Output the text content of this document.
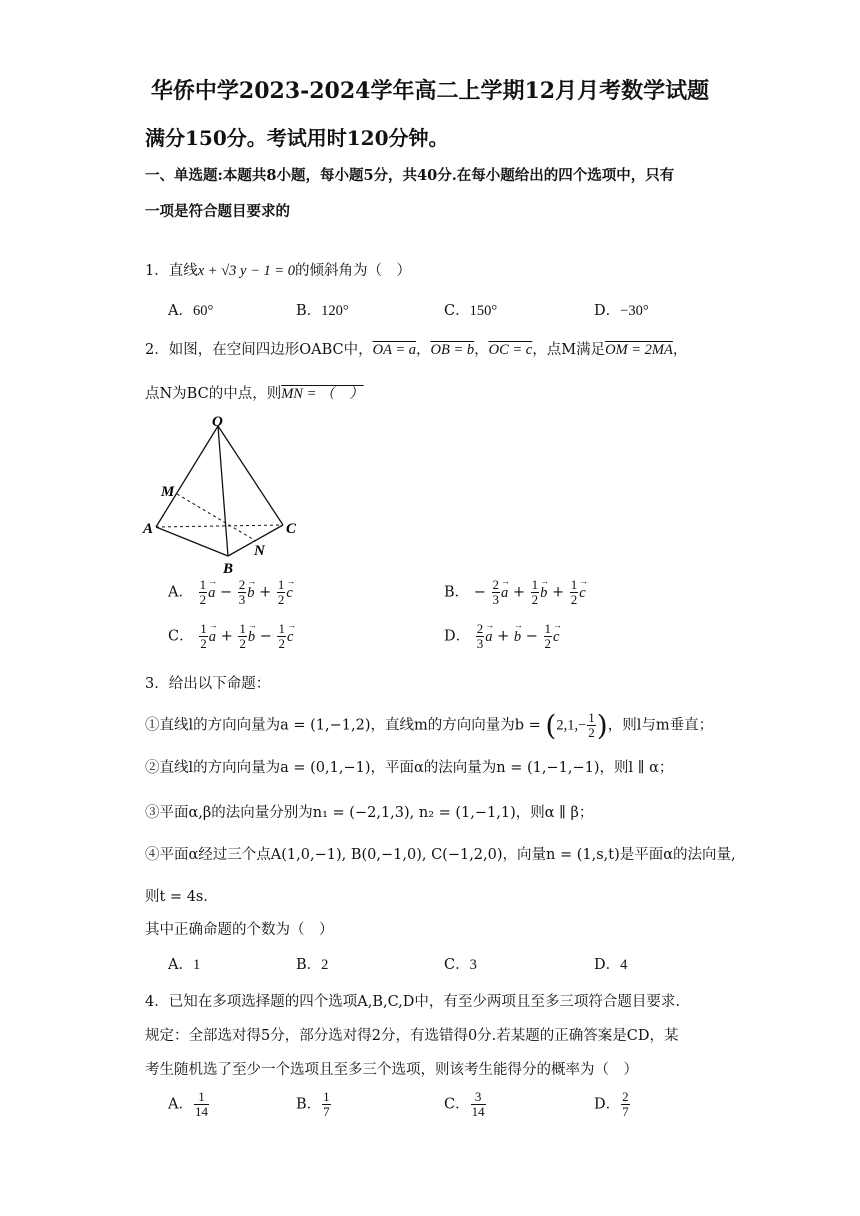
华侨中学2023-2024学年高二上学期12月月考数学试题
满分150分。考试用时120分钟。
一、单选题:本题共8小题，每小题5分，共40分.在每小题给出的四个选项中，只有
一项是符合题目要求的
1．直线x + √3 y − 1 = 0的倾斜角为（　）
A．60°	B．120°	C．150°	D．−30°
2．如图，在空间四边形OABC中，OA = a，OB = b，OC = c，点M满足OM = 2MA，
点N为BC的中点，则MN = （　）
O
M
A
B
C
N
A． $\frac{1}{2} \to a - \frac{2}{3} \to b + \frac{1}{2} \to c$	B． − $\frac{2}{3} \to a + \frac{1}{2} \to b + \frac{1}{2} \to c$
C． $\frac{1}{2} \to a + \frac{1}{2} \to b - \frac{1}{2} \to c$	D． $\frac{2}{3} \to a$ + → $b - \frac{1}{2} \to c$
3．给出以下命题：
①直线l的方向向量为a = (1,−1,2)，直线m的方向向量为$b = (2,1,- \frac{1}{2}$ )，则l与m垂直；
②直线l的方向向量为a = (0,1,−1)，平面α的法向量为n = (1,−1,−1)，则l ∥ α；
③平面α,β的法向量分别为n₁ = (−2,1,3), n₂ = (1,−1,1)，则α ∥ β；
④平面α经过三个点A(1,0,−1), B(0,−1,0), C(−1,2,0)，向量n = (1,s,t)是平面α的法向量,
则t = 4s．
其中正确命题的个数为（　）
A．1	B．2	C．3	D．4
4．已知在多项选择题的四个选项A,B,C,D中，有至少两项且至多三项符合题目要求.
规定：全部选对得5分，部分选对得2分，有选错得0分.若某题的正确答案是CD，某
考生随机选了至少一个选项且至多三个选项，则该考生能得分的概率为（　）
A． $\frac{1}{14}$	B． $\frac{1}{7}$	C． $\frac{3}{14}$	D． $\frac{2}{7}$
